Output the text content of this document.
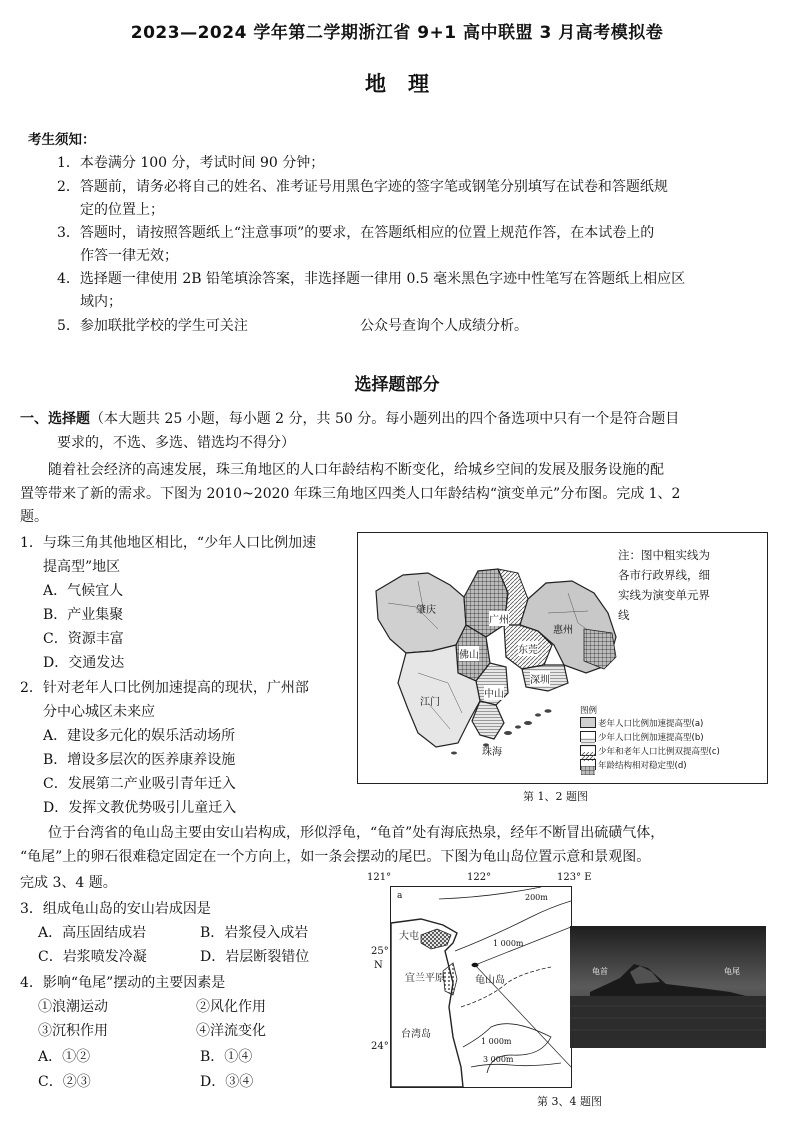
2023—2024 学年第二学期浙江省 9+1 高中联盟 3 月高考模拟卷
地理
考生须知：
1．本卷满分 100 分，考试时间 90 分钟；
2．答题前，请务必将自己的姓名、准考证号用黑色字迹的签字笔或钢笔分别填写在试卷和答题纸规
定的位置上；
3．答题时，请按照答题纸上“注意事项”的要求，在答题纸相应的位置上规范作答，在本试卷上的
作答一律无效；
4．选择题一律使用 2B 铅笔填涂答案，非选择题一律用 0.5 毫米黑色字迹中性笔写在答题纸上相应区
域内；
5．参加联批学校的学生可关注	公众号查询个人成绩分析。
选择题部分
一、选择题（本大题共 25 小题，每小题 2 分，共 50 分。每小题列出的四个备选项中只有一个是符合题目
要求的，不选、多选、错选均不得分）
随着社会经济的高速发展，珠三角地区的人口年龄结构不断变化，给城乡空间的发展及服务设施的配
置等带来了新的需求。下图为 2010~2020 年珠三角地区四类人口年龄结构“演变单元”分布图。完成 1、2
题。
1．与珠三角其他地区相比，“少年人口比例加速
提高型”地区
A．气候宜人
B．产业集聚
C．资源丰富
D．交通发达
2．针对老年人口比例加速提高的现状，广州部
分中心城区未来应
A．建设多元化的娱乐活动场所
B．增设多层次的医养康养设施
C．发展第二产业吸引青年迁入
D．发挥文教优势吸引儿童迁入
注：图中粗实线为
各市行政界线，细
实线为演变单元界
线
肇庆
广州
惠州
佛山	东莞
深圳
中山
江门
珠海
图例
老年人口比例加速提高型(a)
少年人口比例加速提高型(b)
少年和老年人口比例双提高型(c)
年龄结构相对稳定型(d)
第 1、2 题图
位于台湾省的龟山岛主要由安山岩构成，形似浮龟，“龟首”处有海底热泉，经年不断冒出硫磺气体，
“龟尾”上的卵石很难稳定固定在一个方向上，如一条会摆动的尾巴。下图为龟山岛位置示意和景观图。
完成 3、4 题。
3．组成龟山岛的安山岩成因是
A．高压固结成岩	B．岩浆侵入成岩
C．岩浆喷发冷凝	D．岩层断裂错位
4．影响“龟尾”摆动的主要因素是
①浪潮运动	②风化作用
③沉积作用	④洋流变化
A．①②	B．①④
C．②③	D．③④
121°	122°	123° E
25°
N
24°
a
大屯
宜兰平原	龟山岛
台湾岛
200m
1 000m
1 000m
3 000m
龟首	龟尾
第 3、4 题图
